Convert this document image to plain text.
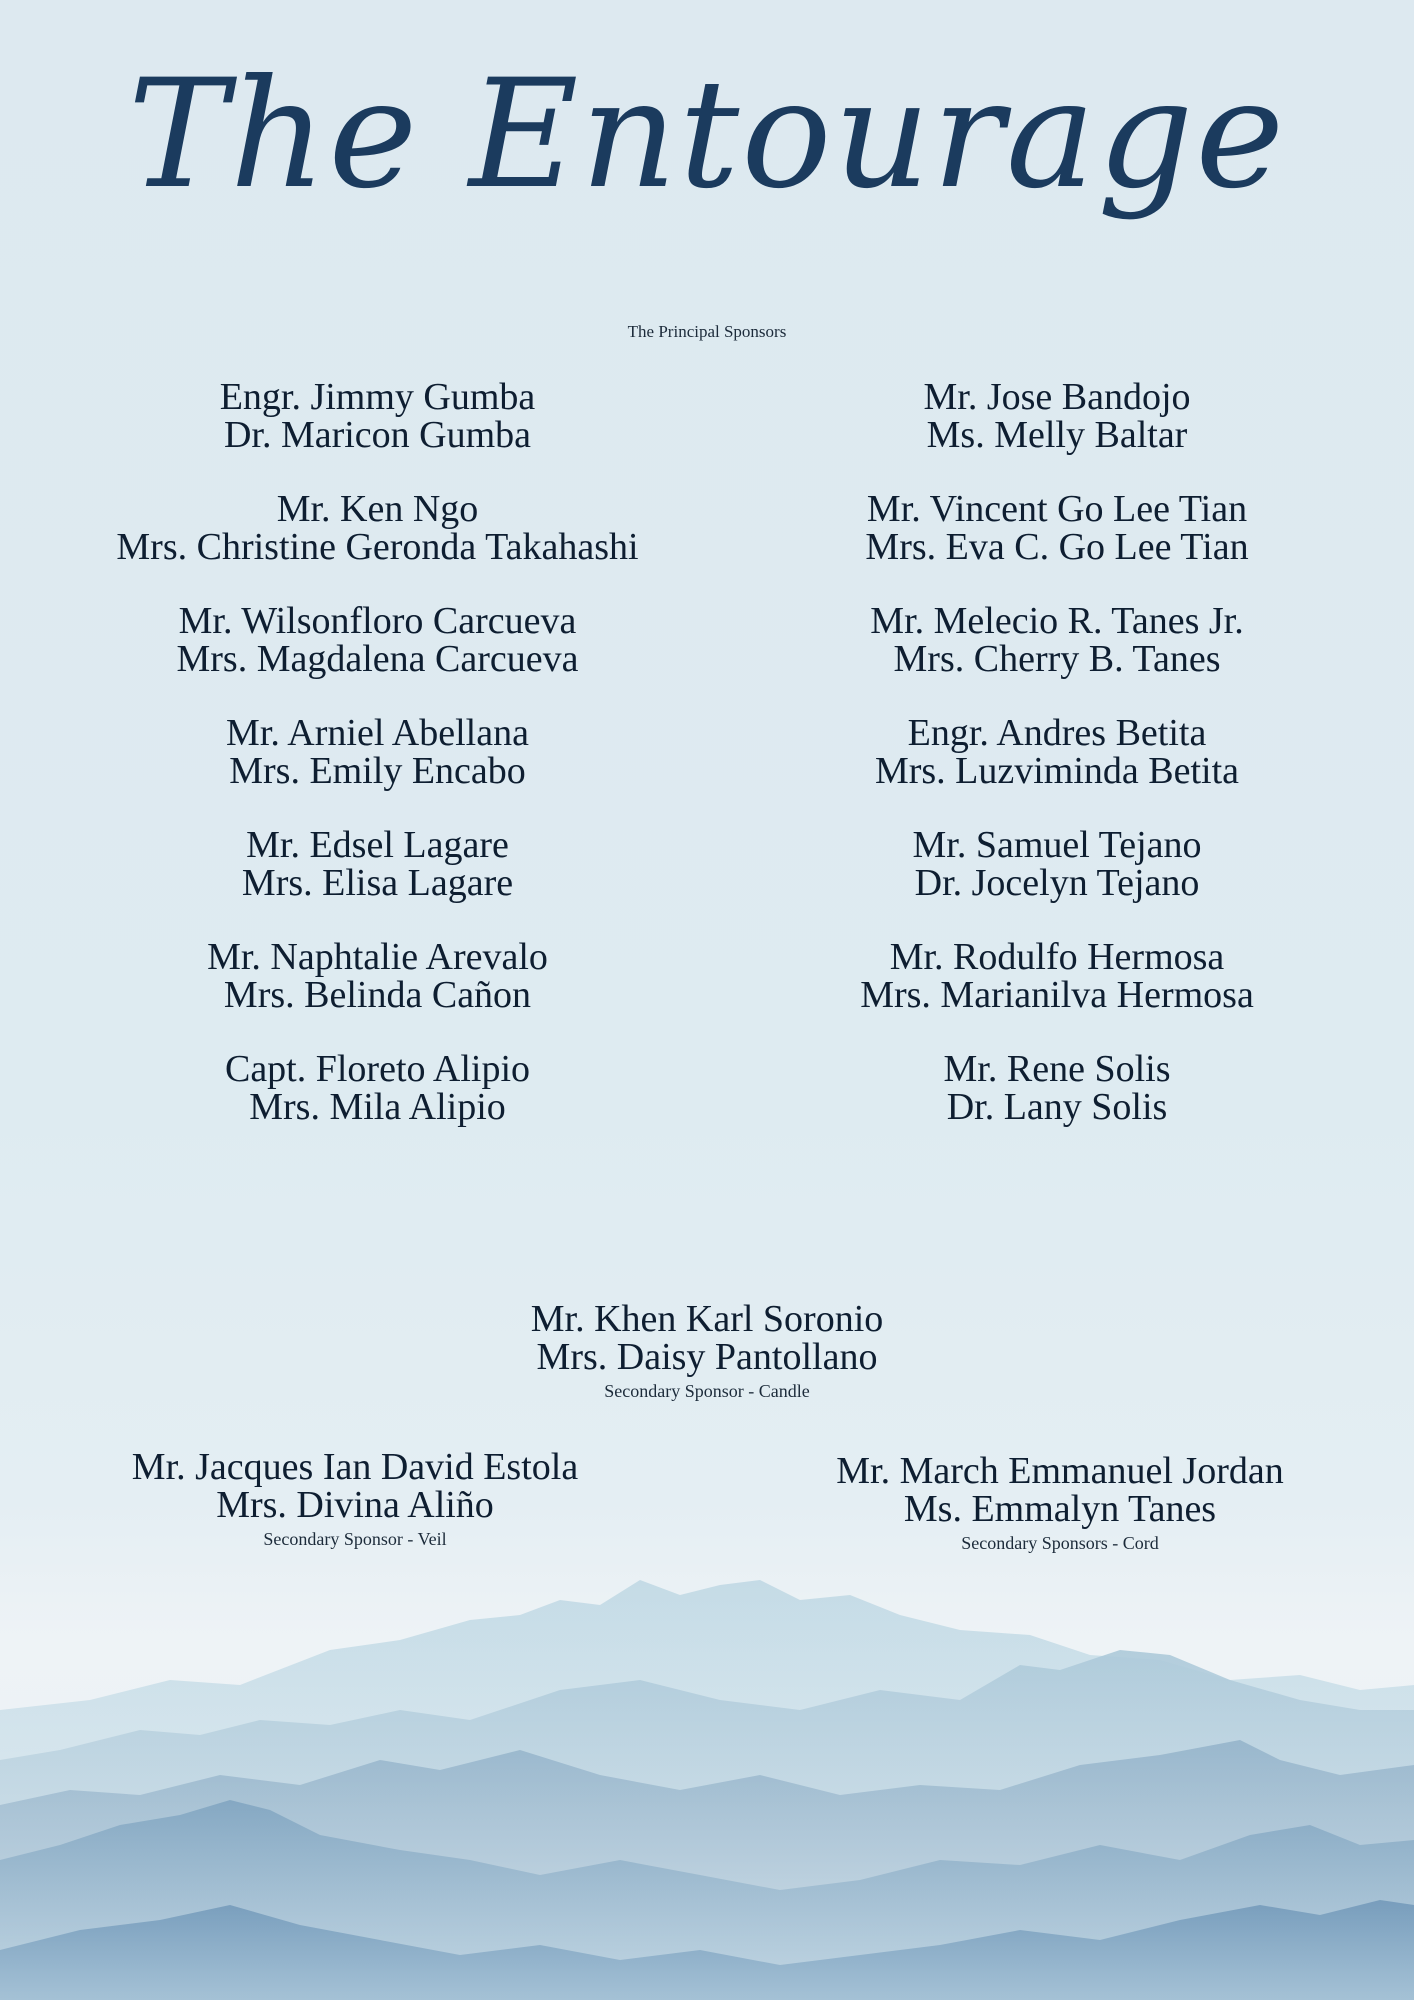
The Entourage
The Principal Sponsors
Engr. Jimmy Gumba
Dr. Maricon Gumba
Mr. Ken Ngo
Mrs. Christine Geronda Takahashi
Mr. Wilsonfloro Carcueva
Mrs. Magdalena Carcueva
Mr. Arniel Abellana
Mrs. Emily Encabo
Mr. Edsel Lagare
Mrs. Elisa Lagare
Mr. Naphtalie Arevalo
Mrs. Belinda Cañon
Capt. Floreto Alipio
Mrs. Mila Alipio
Mr. Jose Bandojo
Ms. Melly Baltar
Mr. Vincent Go Lee Tian
Mrs. Eva C. Go Lee Tian
Mr. Melecio R. Tanes Jr.
Mrs. Cherry B. Tanes
Engr. Andres Betita
Mrs. Luzviminda Betita
Mr. Samuel Tejano
Dr. Jocelyn Tejano
Mr. Rodulfo Hermosa
Mrs. Marianilva Hermosa
Mr. Rene Solis
Dr. Lany Solis
Mr. Khen Karl Soronio
Mrs. Daisy Pantollano
Secondary Sponsor - Candle
Mr. Jacques Ian David Estola
Mrs. Divina Aliño
Secondary Sponsor - Veil
Mr. March Emmanuel Jordan
Ms. Emmalyn Tanes
Secondary Sponsors - Cord
